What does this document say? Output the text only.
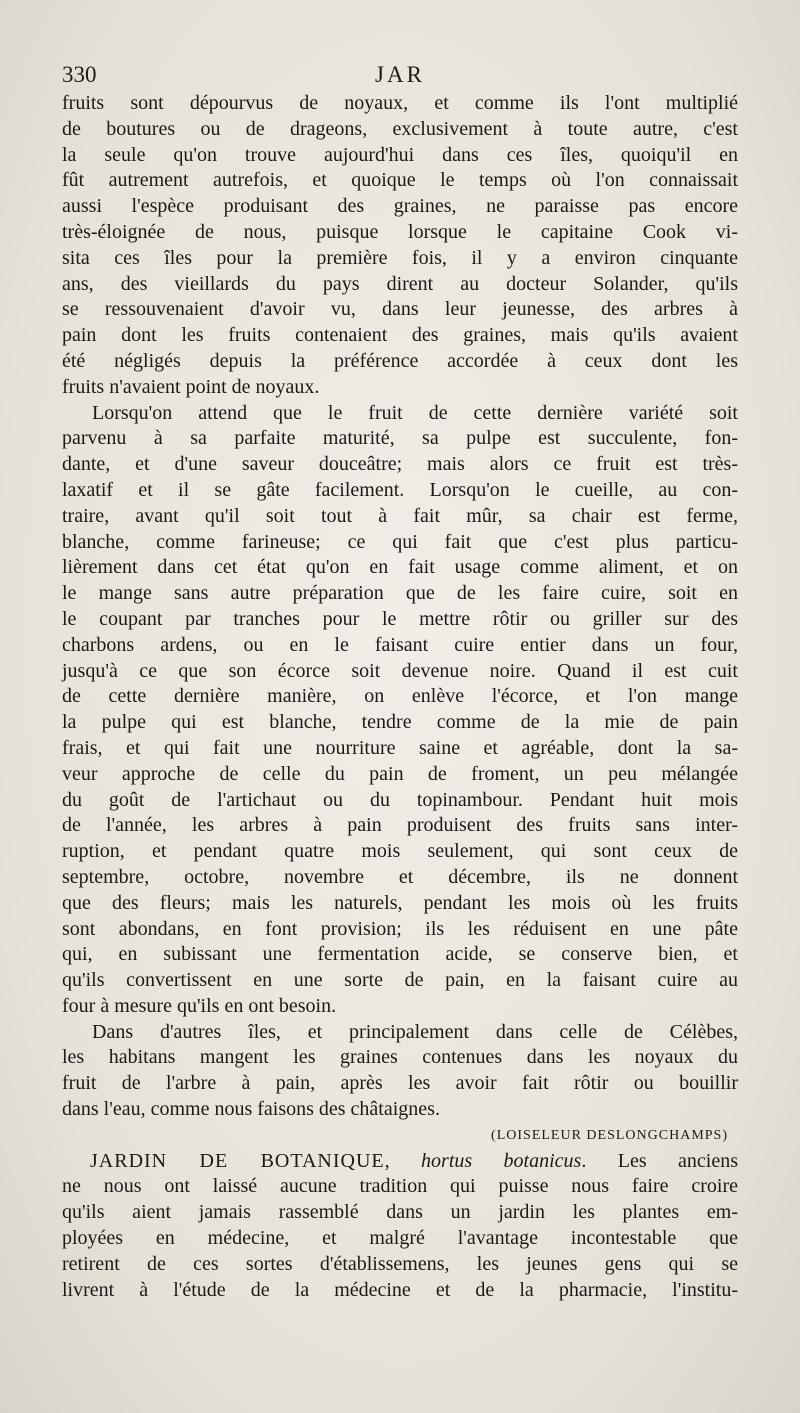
330	JAR
fruits sont dépourvus de noyaux, et comme ils l'ont multiplié
de boutures ou de drageons, exclusivement à toute autre, c'est
la seule qu'on trouve aujourd'hui dans ces îles, quoiqu'il en
fût autrement autrefois, et quoique le temps où l'on connaissait
aussi l'espèce produisant des graines, ne paraisse pas encore
très-éloignée de nous, puisque lorsque le capitaine Cook vi-
sita ces îles pour la première fois, il y a environ cinquante
ans, des vieillards du pays dirent au docteur Solander, qu'ils
se ressouvenaient d'avoir vu, dans leur jeunesse, des arbres à
pain dont les fruits contenaient des graines, mais qu'ils avaient
été négligés depuis la préférence accordée à ceux dont les
fruits n'avaient point de noyaux.
Lorsqu'on attend que le fruit de cette dernière variété soit
parvenu à sa parfaite maturité, sa pulpe est succulente, fon-
dante, et d'une saveur douceâtre; mais alors ce fruit est très-
laxatif et il se gâte facilement. Lorsqu'on le cueille, au con-
traire, avant qu'il soit tout à fait mûr, sa chair est ferme,
blanche, comme farineuse; ce qui fait que c'est plus particu-
lièrement dans cet état qu'on en fait usage comme aliment, et on
le mange sans autre préparation que de les faire cuire, soit en
le coupant par tranches pour le mettre rôtir ou griller sur des
charbons ardens, ou en le faisant cuire entier dans un four,
jusqu'à ce que son écorce soit devenue noire. Quand il est cuit
de cette dernière manière, on enlève l'écorce, et l'on mange
la pulpe qui est blanche, tendre comme de la mie de pain
frais, et qui fait une nourriture saine et agréable, dont la sa-
veur approche de celle du pain de froment, un peu mélangée
du goût de l'artichaut ou du topinambour. Pendant huit mois
de l'année, les arbres à pain produisent des fruits sans inter-
ruption, et pendant quatre mois seulement, qui sont ceux de
septembre, octobre, novembre et décembre, ils ne donnent
que des fleurs; mais les naturels, pendant les mois où les fruits
sont abondans, en font provision; ils les réduisent en une pâte
qui, en subissant une fermentation acide, se conserve bien, et
qu'ils convertissent en une sorte de pain, en la faisant cuire au
four à mesure qu'ils en ont besoin.
Dans d'autres îles, et principalement dans celle de Célèbes,
les habitans mangent les graines contenues dans les noyaux du
fruit de l'arbre à pain, après les avoir fait rôtir ou bouillir
dans l'eau, comme nous faisons des châtaignes.
(LOISELEUR DESLONGCHAMPS)
JARDIN DE BOTANIQUE, hortus botanicus. Les anciens
ne nous ont laissé aucune tradition qui puisse nous faire croire
qu'ils aient jamais rassemblé dans un jardin les plantes em-
ployées en médecine, et malgré l'avantage incontestable que
retirent de ces sortes d'établissemens, les jeunes gens qui se
livrent à l'étude de la médecine et de la pharmacie, l'institu-
